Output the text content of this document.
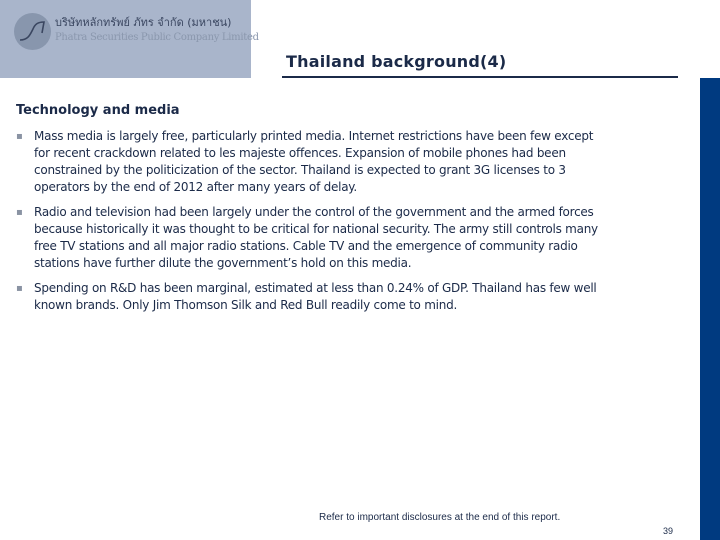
บริษัทหลักทรัพย์ ภัทร จำกัด (มหาชน)
Phatra Securities Public Company Limited
Thailand background(4)
Technology and media
▪ Mass media is largely free, particularly printed media. Internet restrictions have been few except
for recent crackdown related to les majeste offences. Expansion of mobile phones had been
constrained by the politicization of the sector. Thailand is expected to grant 3G licenses to 3
operators by the end of 2012 after many years of delay.
▪ Radio and television had been largely under the control of the government and the armed forces
because historically it was thought to be critical for national security. The army still controls many
free TV stations and all major radio stations. Cable TV and the emergence of community radio
stations have further dilute the government’s hold on this media.
▪ Spending on R&D has been marginal, estimated at less than 0.24% of GDP. Thailand has few well
known brands. Only Jim Thomson Silk and Red Bull readily come to mind.
Refer to important disclosures at the end of this report.
39
